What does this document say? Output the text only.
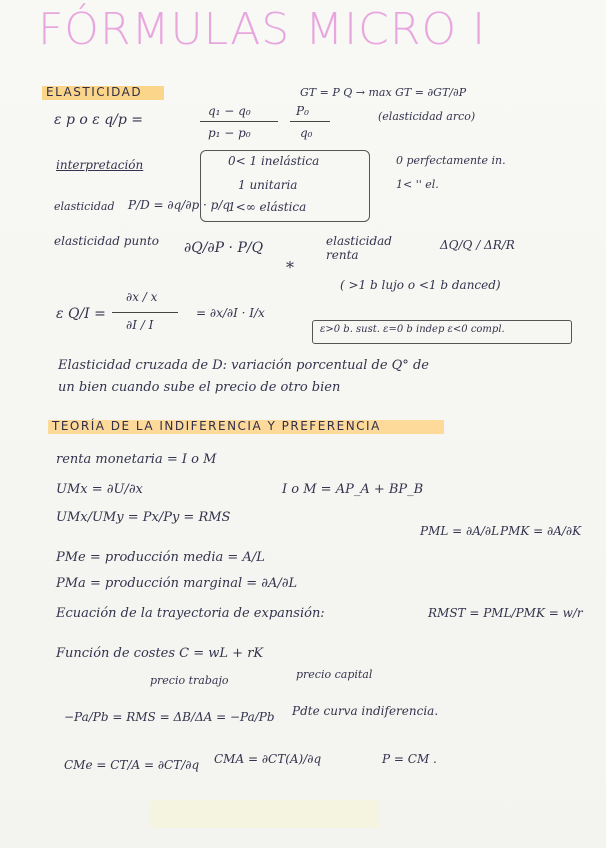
FÓRMULAS MICRO I
ELASTICIDAD	GT = P Q → max GT = ∂GT/∂P
(elasticidad arco)
ε p o ε q/p =
q₁ − q₀
p₁ − p₀
P₀
q₀
interpretación	0< 1 inelástica
1 unitaria
1<∞ elástica
0 perfectamente in.
1< '' el.
elasticidad P/D = ∂q/∂p · p/q
elasticidad punto	∂Q/∂P · P/Q	elasticidad renta
ΔQ/Q / ΔR/R
*
( >1 b lujo o <1 b danced)
ε Q/I =
∂x / x
∂I / I
= ∂x/∂I · I/x
ε>0 b. sust. ε=0 b indep ε<0 compl.
Elasticidad cruzada de D: variación porcentual de Q° de
un bien cuando sube el precio de otro bien
TEORÍA DE LA INDIFERENCIA Y PREFERENCIA
renta monetaria = I o M
UMx = ∂U/∂x	I o M = AP_A + BP_B
UMx/UMy = Px/Py = RMS
PML = ∂A/∂L PMK = ∂A/∂K
PMe = producción media = A/L
PMa = producción marginal = ∂A/∂L
Ecuación de la trayectoria de expansión:	RMST = PML/PMK = w/r
Función de costes C = wL + rK
precio trabajo	precio capital
−Pa/Pb = RMS = ΔB/ΔA = −Pa/Pb Pdte curva indiferencia.
CMe = CT/A = ∂CT/∂q CMA = ∂CT(A)/∂q	P = CM .
